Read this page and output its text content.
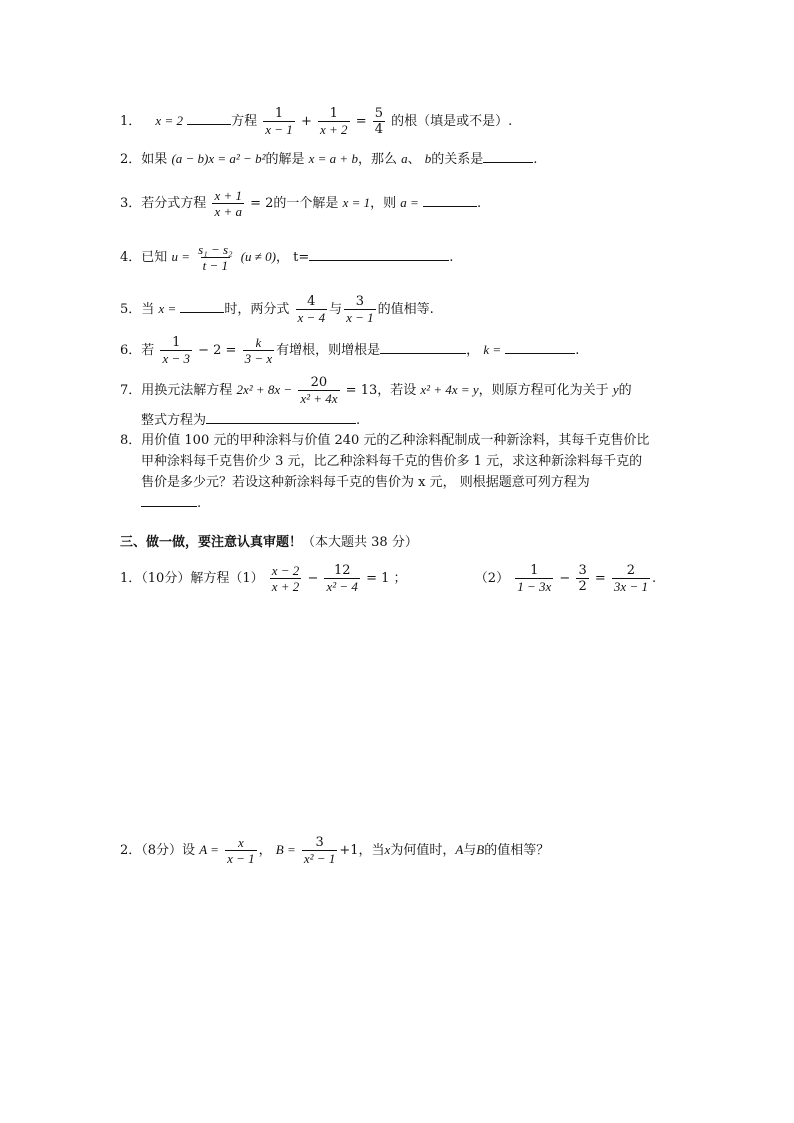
1． x = 2	方程 $\frac{1}{x - 1} + \frac{1}{x + 2} = \frac{5}{4}$ 的根（填是或不是）.
2．如果 (a − b)x = a² − b²的解是 x = a + b，那么 a、 b的关系是	.
3．若分式方程 $\frac{x + 1}{x + a} = 2$的一个解是 x = 1，则 a =	.
4．已知 $u = \frac{\text{s₁ − s₂}}{t - 1} (u \ne 0)$， t=	.
5．当 x =	时，两分式 $\frac{4}{x - 4}$ 与 $\frac{3}{x - 1}$ 的值相等.
6．若 $\frac{1}{x - 3} - 2 = \frac{k}{3 - x}$ 有增根，则增根是	， k =	.
7．用换元法解方程 $2x^2 + 8x - \frac{20}{\text{x² + 4x}} = 13$，若设 x² + 4x = y，则原方程可化为关于 y的
整式方程为	.
8．用价值 100 元的甲种涂料与价值 240 元的乙种涂料配制成一种新涂料，其每千克售价比
甲种涂料每千克售价少 3 元，比乙种涂料每千克的售价多 1 元，求这种新涂料每千克的
售价是多少元？若设这种新涂料每千克的售价为 x 元， 则根据题意可列方程为
.
三、做一做，要注意认真审题！（本大题共 38 分）
1．（10分）解方程$(1) \frac{x - 2}{x + 2} - \frac{12}{\text{x² − 4}} = 1$ ；	$(2) \frac{1}{1 - 3x} - \frac{3}{2} = \frac{2}{3x - 1}$ .
2．（8分）设 $A = \frac{x}{x - 1}$ ， $B = \frac{3}{\text{x² − 1}} +1$，当x为何值时，A与B的值相等？
